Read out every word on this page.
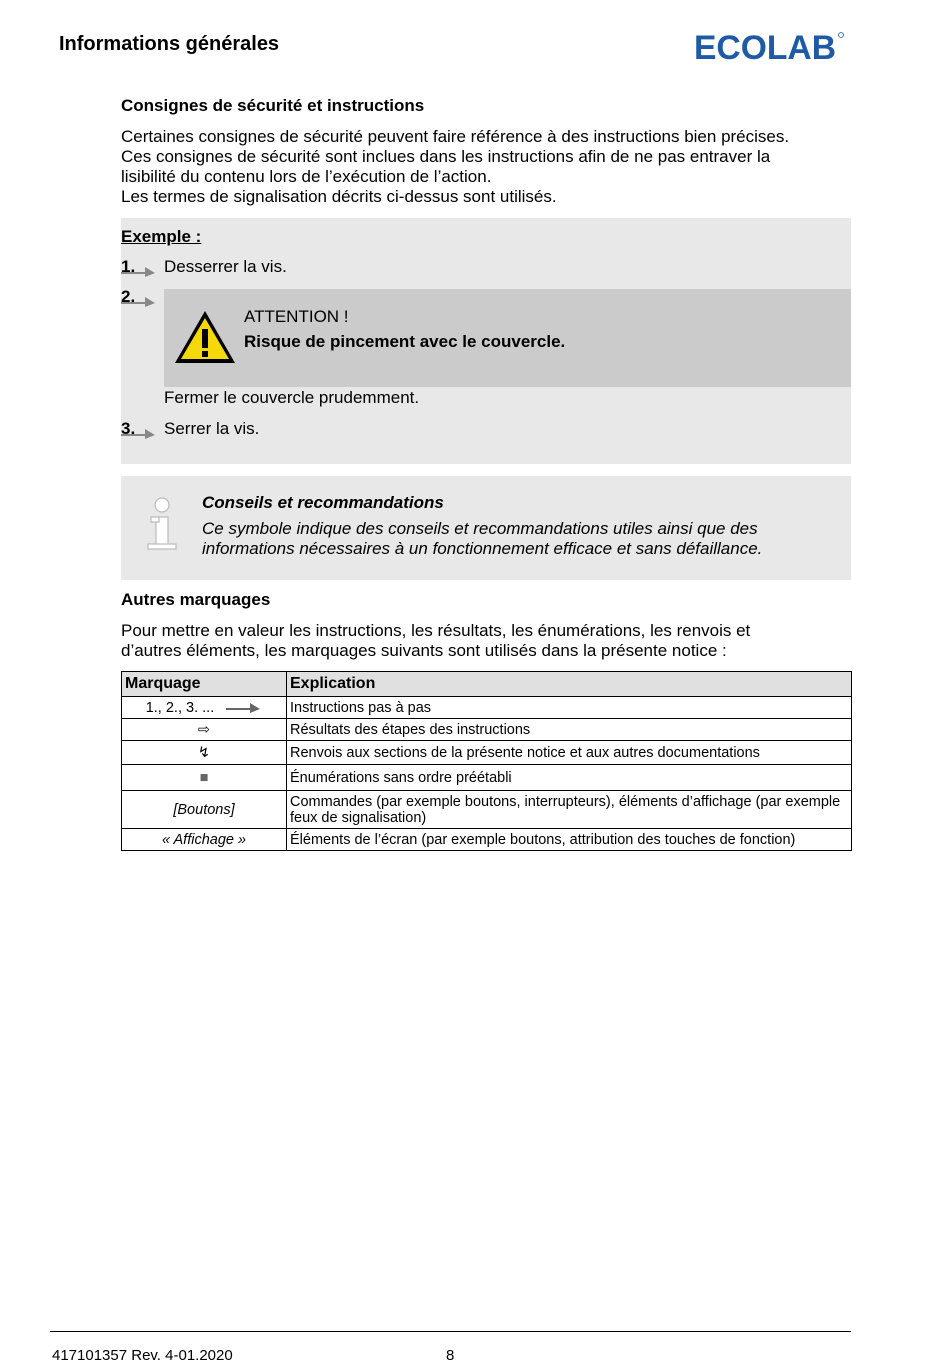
Informations générales	ECOLAB
Consignes de sécurité et instructions
Certaines consignes de sécurité peuvent faire référence à des instructions bien précises.
Ces consignes de sécurité sont inclues dans les instructions afin de ne pas entraver la
lisibilité du contenu lors de l’exécution de l’action.
Les termes de signalisation décrits ci-dessus sont utilisés.
Exemple :
1. Desserrer la vis.
2.
ATTENTION !
Risque de pincement avec le couvercle.
Fermer le couvercle prudemment.
3. Serrer la vis.
Conseils et recommandations
Ce symbole indique des conseils et recommandations utiles ainsi que des
informations nécessaires à un fonctionnement efficace et sans défaillance.
Autres marquages
Pour mettre en valeur les instructions, les résultats, les énumérations, les renvois et
d’autres éléments, les marquages suivants sont utilisés dans la présente notice :
Marquage	Explication
1., 2., 3. ...	Instructions pas à pas
⇨	Résultats des étapes des instructions
↯	Renvois aux sections de la présente notice et aux autres documentations
■	Énumérations sans ordre préétabli
[Boutons]	Commandes (par exemple boutons, interrupteurs), éléments d’affichage (par exemple feux de signalisation)
« Affichage »	Éléments de l’écran (par exemple boutons, attribution des touches de fonction)
417101357 Rev. 4-01.2020	8
